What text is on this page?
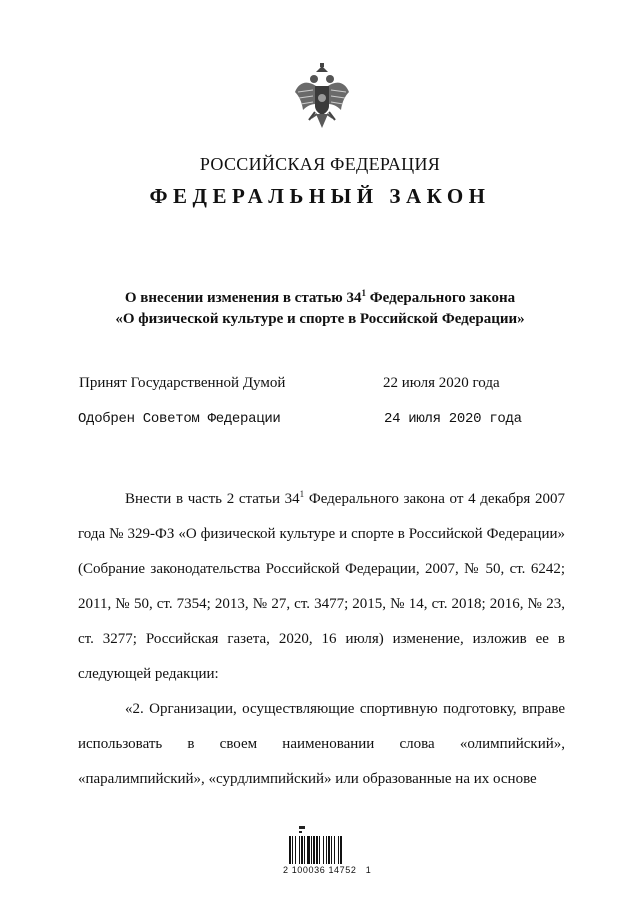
РОССИЙСКАЯ ФЕДЕРАЦИЯ
ФЕДЕРАЛЬНЫЙ ЗАКОН
О внесении изменения в статью $34^1$ Федерального закона
«О физической культуре и спорте в Российской Федерации»
Принят Государственной Думой	22 июля 2020 года
Одобрен Советом Федерации	24 июля 2020 года

Внести в часть 2 статьи $34^1$ Федерального закона от 4 декабря 2007 года № 329-ФЗ «О физической культуре и спорте в Российской Федерации» (Собрание законодательства Российской Федерации, 2007, № 50, ст. 6242; 2011, № 50, ст. 7354; 2013, № 27, ст. 3477; 2015, № 14, ст. 2018; 2016, № 23, ст. 3277; Российская газета, 2020, 16 июля) изменение, изложив ее в следующей редакции:

«2. Организации, осуществляющие спортивную подготовку, вправе использовать в своем наименовании слова «олимпийский», «паралимпийский», «сурдлимпийский» или образованные на их основе

2 100036 14752   1
